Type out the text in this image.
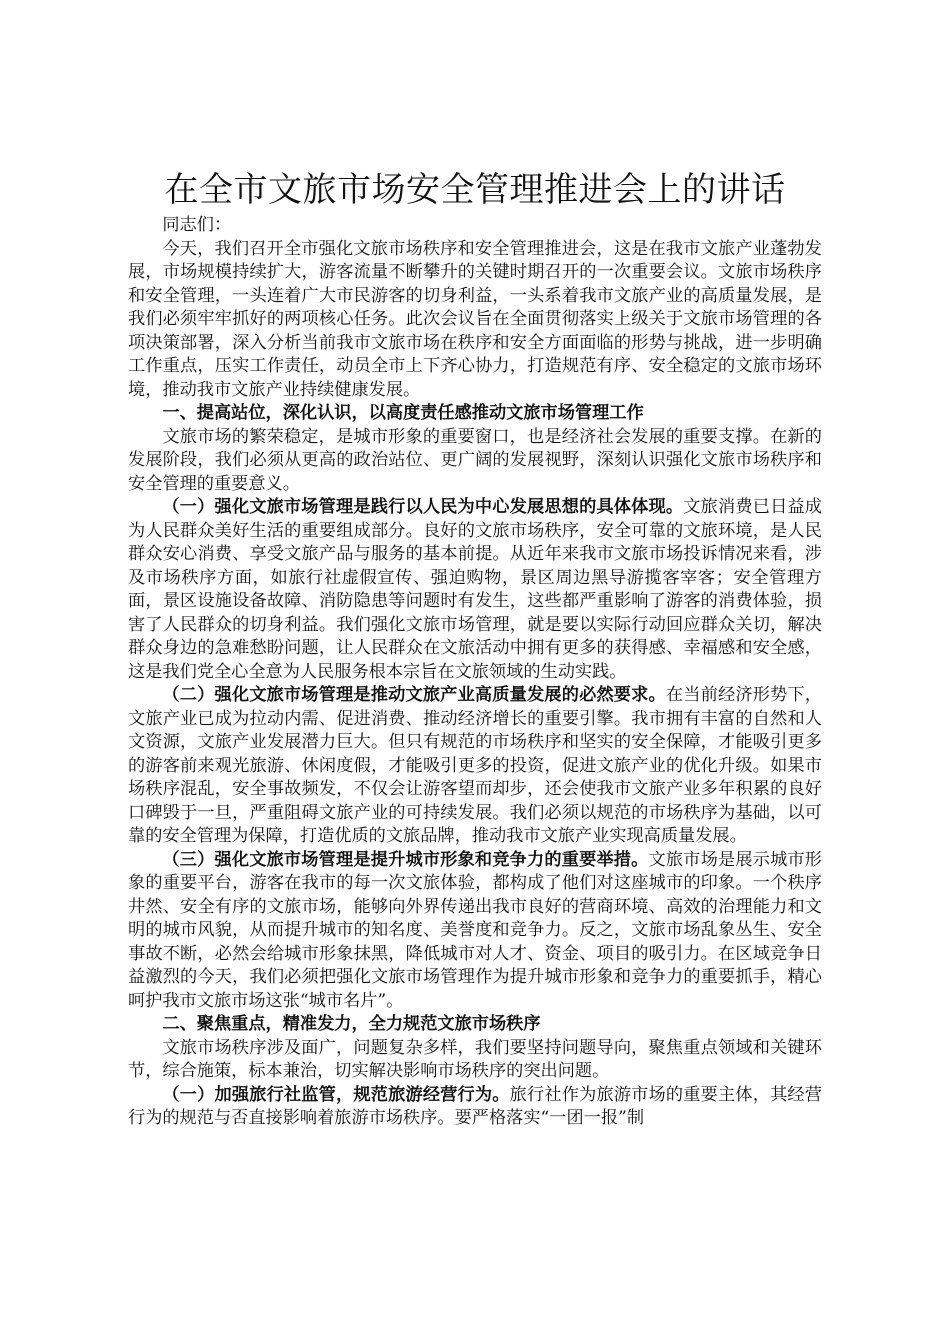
在全市文旅市场安全管理推进会上的讲话

同志们：

今天，我们召开全市强化文旅市场秩序和安全管理推进会，这是在我市文旅产业蓬勃发展，市场规模持续扩大，游客流量不断攀升的关键时期召开的一次重要会议。文旅市场秩序和安全管理，一头连着广大市民游客的切身利益，一头系着我市文旅产业的高质量发展，是我们必须牢牢抓好的两项核心任务。此次会议旨在全面贯彻落实上级关于文旅市场管理的各项决策部署，深入分析当前我市文旅市场在秩序和安全方面面临的形势与挑战，进一步明确工作重点，压实工作责任，动员全市上下齐心协力，打造规范有序、安全稳定的文旅市场环境，推动我市文旅产业持续健康发展。

一、提高站位，深化认识，以高度责任感推动文旅市场管理工作

文旅市场的繁荣稳定，是城市形象的重要窗口，也是经济社会发展的重要支撑。在新的发展阶段，我们必须从更高的政治站位、更广阔的发展视野，深刻认识强化文旅市场秩序和安全管理的重要意义。

（一）强化文旅市场管理是践行以人民为中心发展思想的具体体现。文旅消费已日益成为人民群众美好生活的重要组成部分。良好的文旅市场秩序，安全可靠的文旅环境，是人民群众安心消费、享受文旅产品与服务的基本前提。从近年来我市文旅市场投诉情况来看，涉及市场秩序方面，如旅行社虚假宣传、强迫购物，景区周边黑导游揽客宰客；安全管理方面，景区设施设备故障、消防隐患等问题时有发生，这些都严重影响了游客的消费体验，损害了人民群众的切身利益。我们强化文旅市场管理，就是要以实际行动回应群众关切，解决群众身边的急难愁盼问题，让人民群众在文旅活动中拥有更多的获得感、幸福感和安全感，这是我们党全心全意为人民服务根本宗旨在文旅领域的生动实践。

（二）强化文旅市场管理是推动文旅产业高质量发展的必然要求。在当前经济形势下，文旅产业已成为拉动内需、促进消费、推动经济增长的重要引擎。我市拥有丰富的自然和人文资源，文旅产业发展潜力巨大。但只有规范的市场秩序和坚实的安全保障，才能吸引更多的游客前来观光旅游、休闲度假，才能吸引更多的投资，促进文旅产业的优化升级。如果市场秩序混乱，安全事故频发，不仅会让游客望而却步，还会使我市文旅产业多年积累的良好口碑毁于一旦，严重阻碍文旅产业的可持续发展。我们必须以规范的市场秩序为基础，以可靠的安全管理为保障，打造优质的文旅品牌，推动我市文旅产业实现高质量发展。

（三）强化文旅市场管理是提升城市形象和竞争力的重要举措。文旅市场是展示城市形象的重要平台，游客在我市的每一次文旅体验，都构成了他们对这座城市的印象。一个秩序井然、安全有序的文旅市场，能够向外界传递出我市良好的营商环境、高效的治理能力和文明的城市风貌，从而提升城市的知名度、美誉度和竞争力。反之，文旅市场乱象丛生、安全事故不断，必然会给城市形象抹黑，降低城市对人才、资金、项目的吸引力。在区域竞争日益激烈的今天，我们必须把强化文旅市场管理作为提升城市形象和竞争力的重要抓手，精心呵护我市文旅市场这张“城市名片”。

二、聚焦重点，精准发力，全力规范文旅市场秩序

文旅市场秩序涉及面广，问题复杂多样，我们要坚持问题导向，聚焦重点领域和关键环节，综合施策，标本兼治，切实解决影响市场秩序的突出问题。

（一）加强旅行社监管，规范旅游经营行为。旅行社作为旅游市场的重要主体，其经营行为的规范与否直接影响着旅游市场秩序。要严格落实“一团一报”制
